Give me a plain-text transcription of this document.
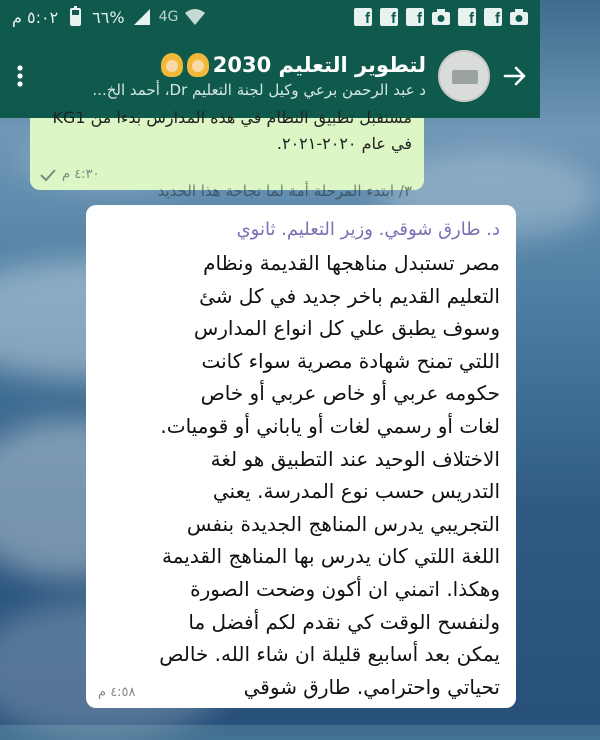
٥:٠٢ م %٦٦ 4G	f	f	f	f	f
لتطوير التعليم 2030
د عبد الرحمن برعي وكيل لجنة التعليم Dr، أحمد الخ...
مستقبل تطبيق النظام في هذه المدارس بدءا من KG1
في عام ٢٠٢٠-٢٠٢١.
٤:٣٠ م
٣/ ابتدء المرحلة أمة لما نجاحة هذا الحديد
د. طارق شوقي. وزير التعليم. ثانوي
مصر تستبدل مناهجها القديمة ونظام
التعليم القديم باخر جديد في كل شئ
وسوف يطبق علي كل انواع المدارس
اللتي تمنح شهادة مصرية سواء كانت
حكومه عربي أو خاص عربي أو خاص
لغات أو رسمي لغات أو ياباني أو قوميات.
الاختلاف الوحيد عند التطبيق هو لغة
التدريس حسب نوع المدرسة. يعني
التجريبي يدرس المناهج الجديدة بنفس
اللغة اللتي كان يدرس بها المناهج القديمة
وهكذا. اتمني ان أكون وضحت الصورة
ولنفسح الوقت كي نقدم لكم أفضل ما
يمكن بعد أسابيع قليلة ان شاء الله. خالص
تحياتي واحترامي. طارق شوقي
٤:٥٨ م
